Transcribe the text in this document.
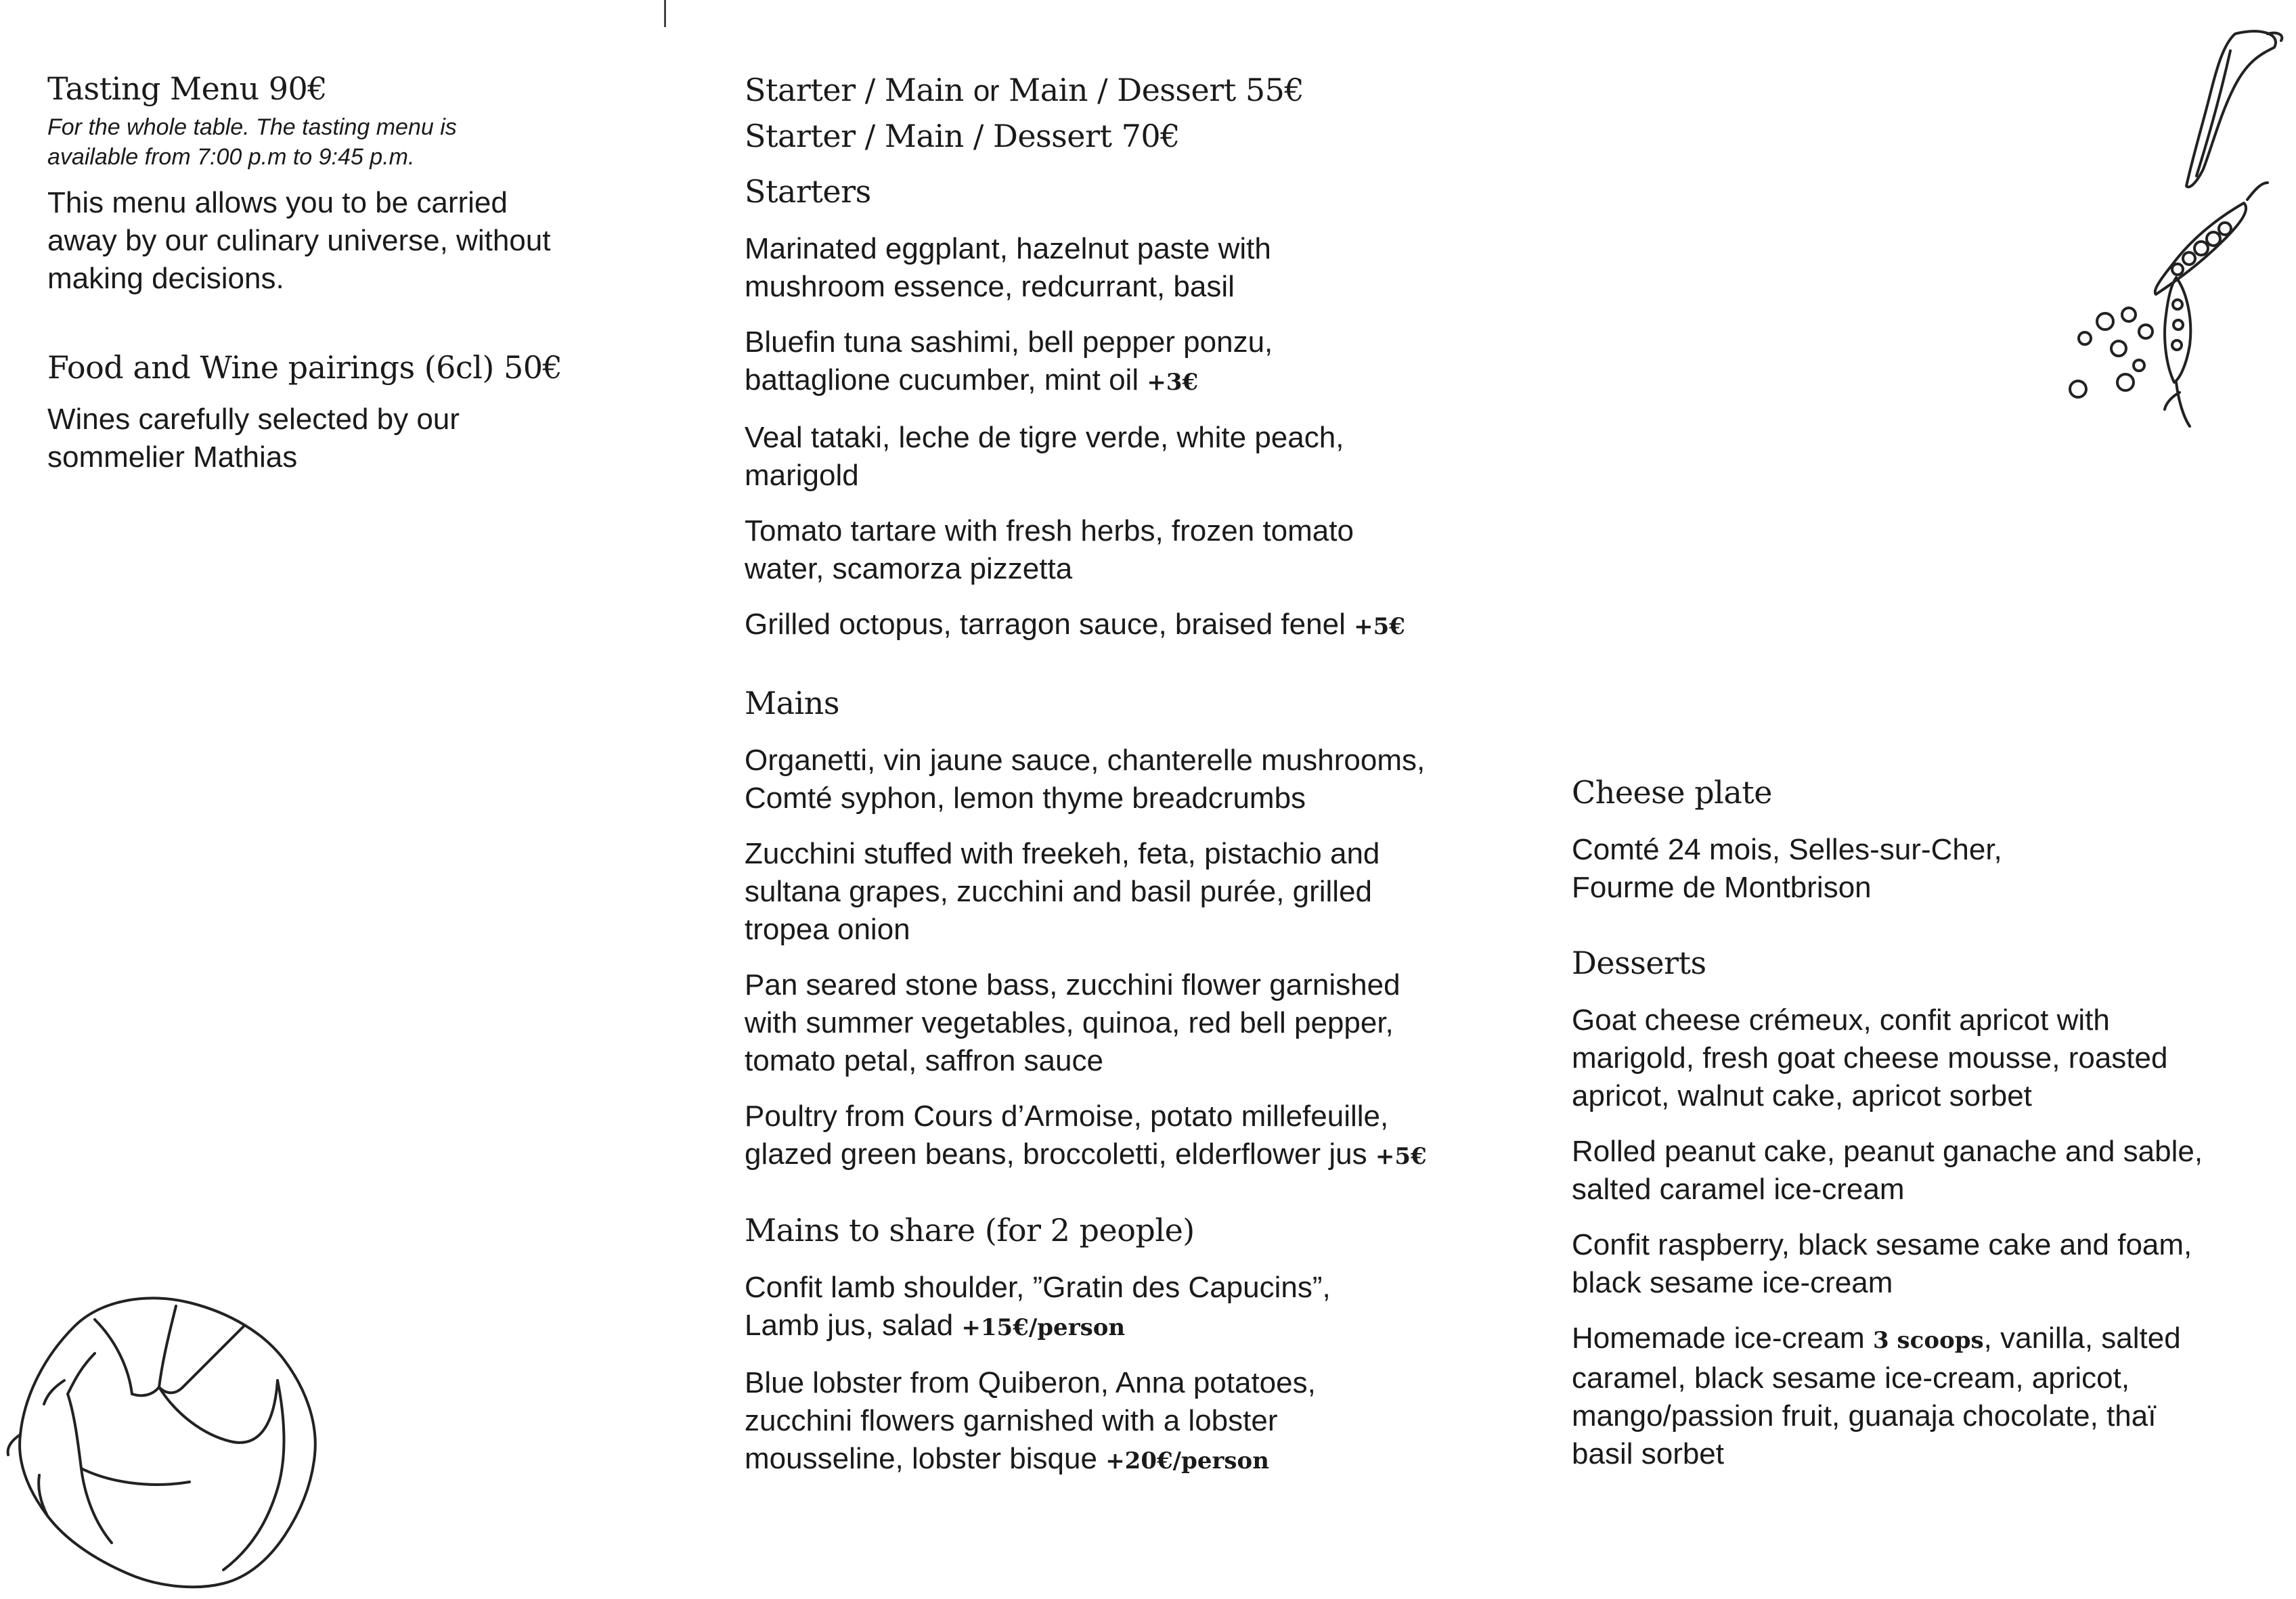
Tasting Menu 90€
For the whole table. The tasting menu is
available from 7:00 p.m to 9:45 p.m.
This menu allows you to be carried
away by our culinary universe, without
making decisions.
Food and Wine pairings (6cl) 50€
Wines carefully selected by our
sommelier Mathias
Starter / Main or Main / Dessert 55€
Starter / Main / Dessert 70€
Starters
Marinated eggplant, hazelnut paste with
mushroom essence, redcurrant, basil
Bluefin tuna sashimi, bell pepper ponzu,
battaglione cucumber, mint oil +3€
Veal tataki, leche de tigre verde, white peach,
marigold
Tomato tartare with fresh herbs, frozen tomato
water, scamorza pizzetta
Grilled octopus, tarragon sauce, braised fenel +5€
Mains
Organetti, vin jaune sauce, chanterelle mushrooms,
Comté syphon, lemon thyme breadcrumbs
Zucchini stuffed with freekeh, feta, pistachio and
sultana grapes, zucchini and basil purée, grilled
tropea onion
Pan seared stone bass, zucchini flower garnished
with summer vegetables, quinoa, red bell pepper,
tomato petal, saffron sauce
Poultry from Cours d’Armoise, potato millefeuille,
glazed green beans, broccoletti, elderflower jus +5€
Mains to share (for 2 people)
Confit lamb shoulder, ”Gratin des Capucins”,
Lamb jus, salad +15€/person
Blue lobster from Quiberon, Anna potatoes,
zucchini flowers garnished with a lobster
mousseline, lobster bisque +20€/person
Cheese plate
Comté 24 mois, Selles-sur-Cher,
Fourme de Montbrison
Desserts
Goat cheese crémeux, confit apricot with
marigold, fresh goat cheese mousse, roasted
apricot, walnut cake, apricot sorbet
Rolled peanut cake, peanut ganache and sable,
salted caramel ice-cream
Confit raspberry, black sesame cake and foam,
black sesame ice-cream
Homemade ice-cream 3 scoops, vanilla, salted
caramel, black sesame ice-cream, apricot,
mango/passion fruit, guanaja chocolate, thaï
basil sorbet
